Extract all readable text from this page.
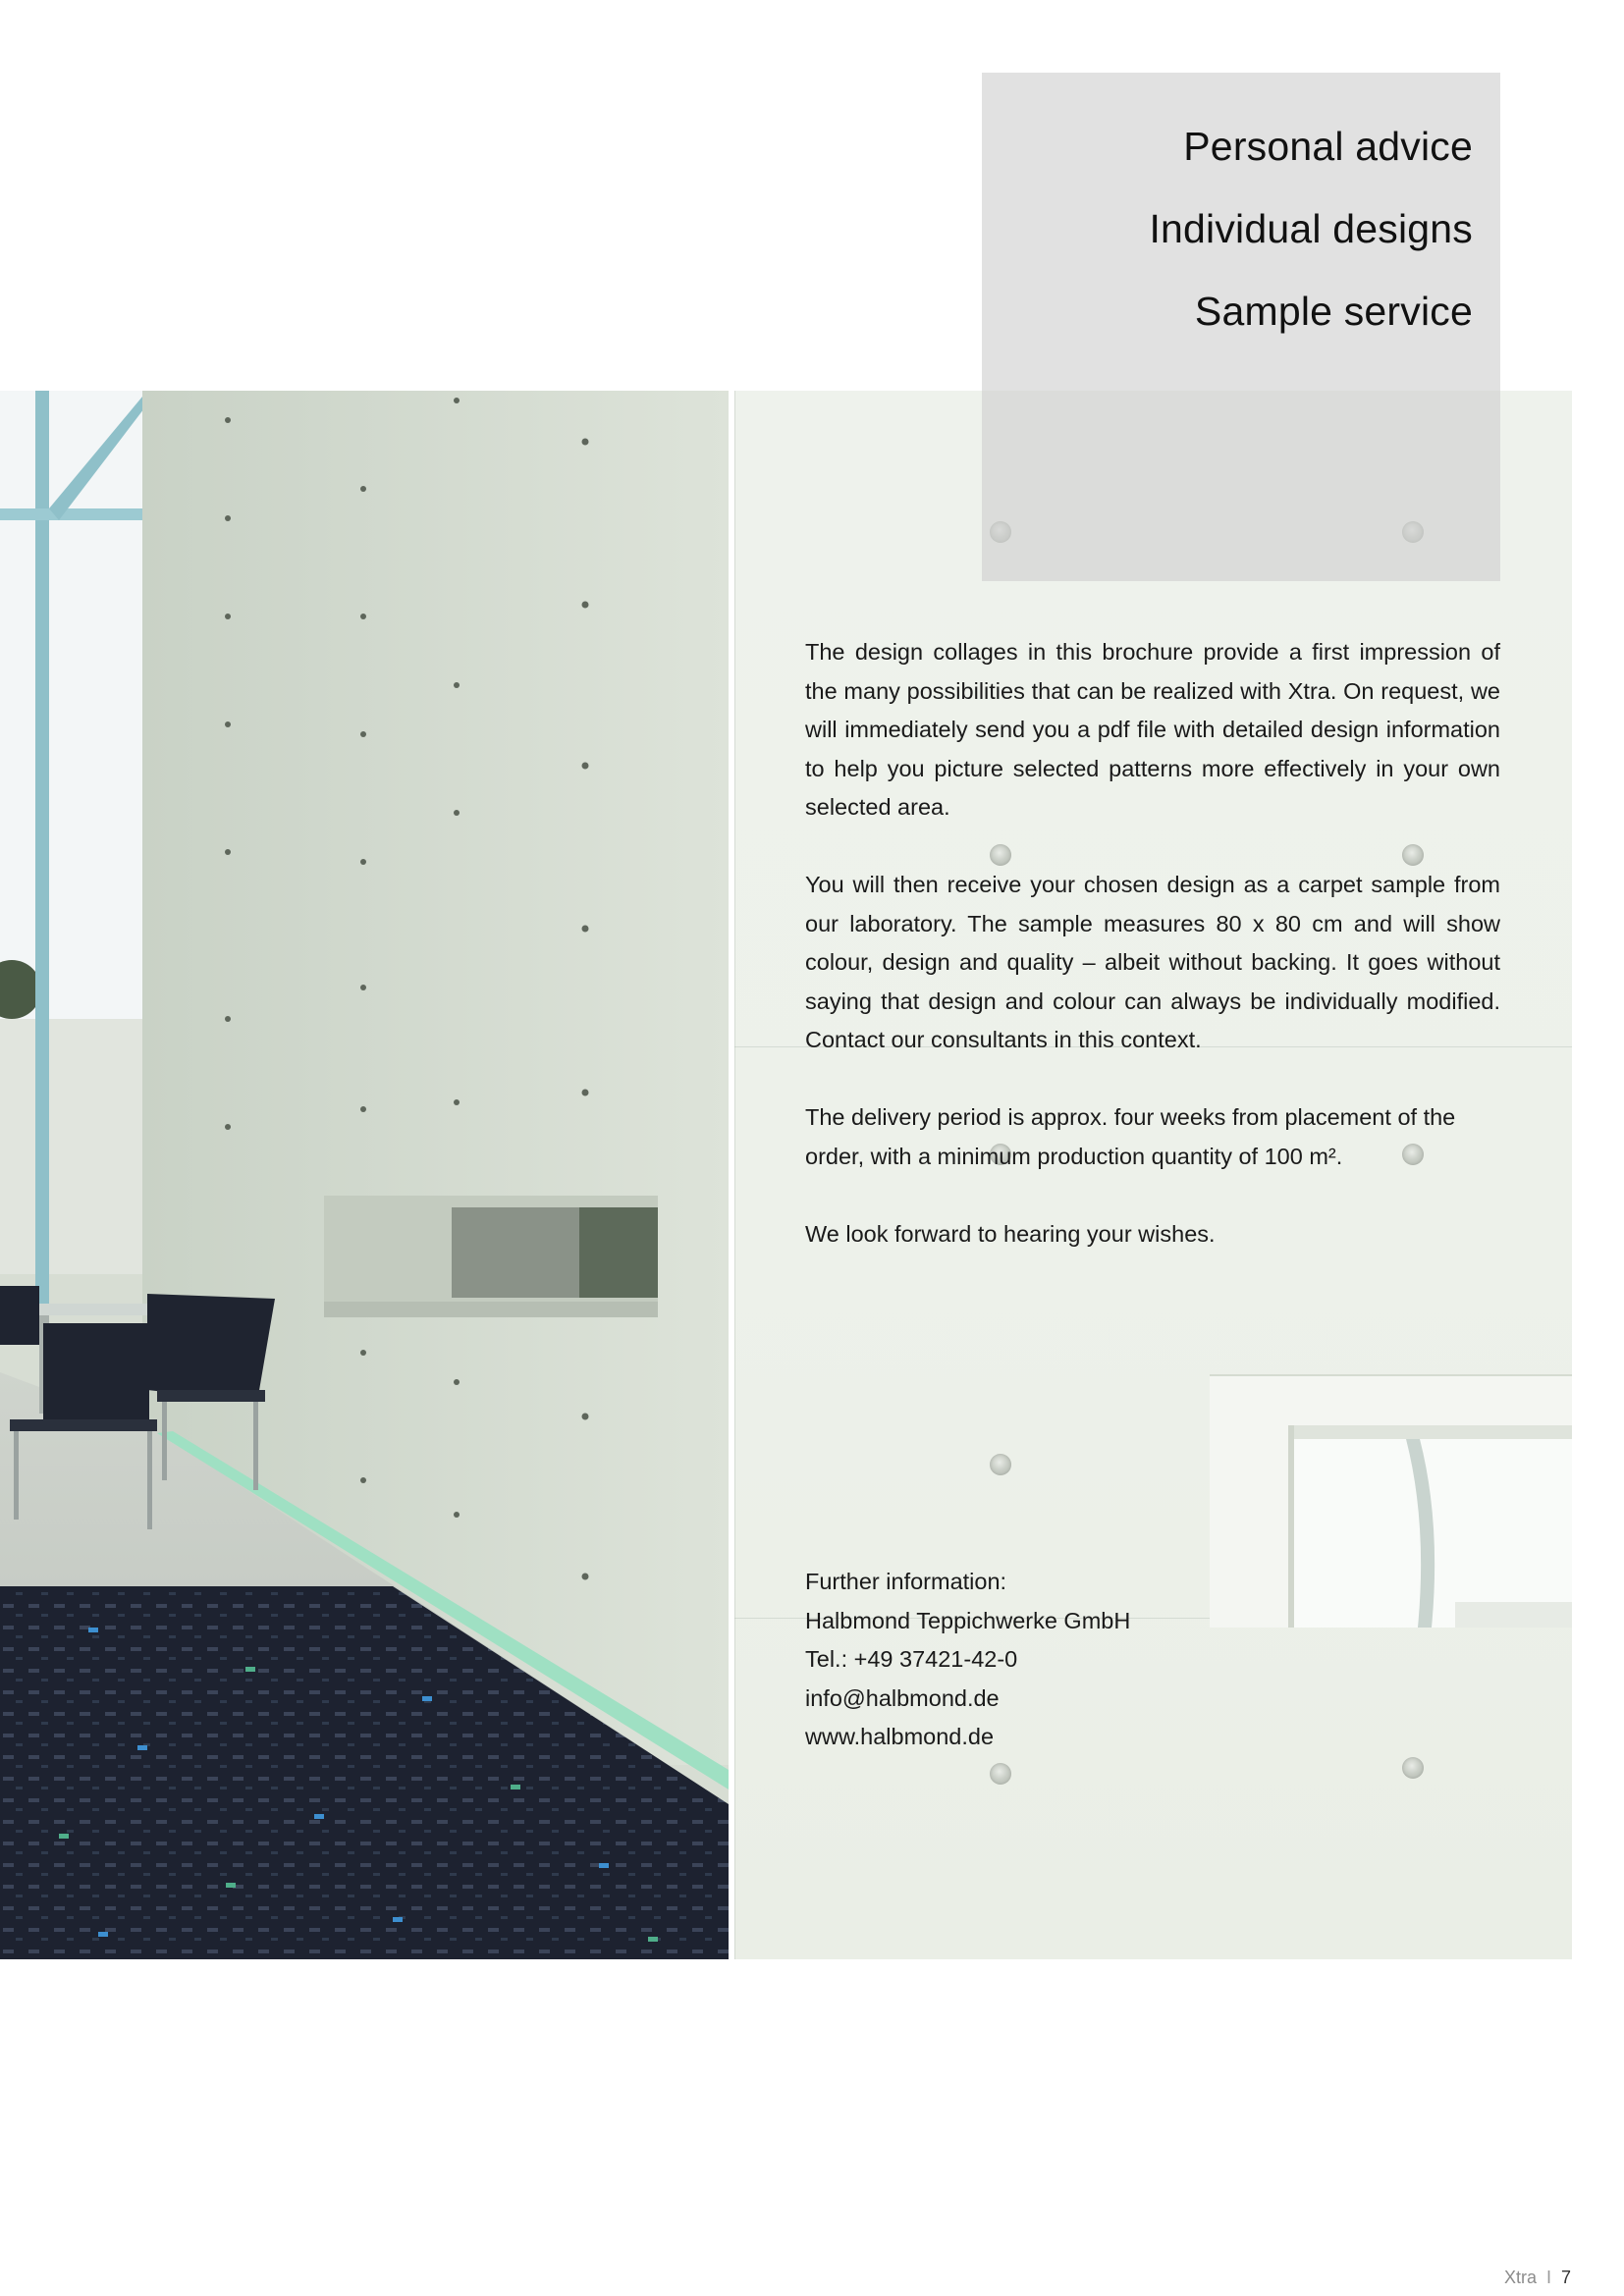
Personal advice
Individual designs
Sample service

The design collages in this brochure provide a first impression of the many possibilities that can be realized with Xtra. On request, we will immediately send you a pdf file with detailed design information to help you picture selected patterns more effectively in your own selected area.

You will then receive your chosen design as a carpet sample from our laboratory. The sample measures 80 x 80 cm and will show colour, design and quality – albeit without backing. It goes without saying that design and colour can always be individually modified. Contact our consultants in this context.

The delivery period is approx. four weeks from placement of the order, with a minimum production quantity of 100 m².

We look forward to hearing your wishes.

Further information:
Halbmond Teppichwerke GmbH
Tel.: +49 37421-42-0
info@halbmond.de
www.halbmond.de
Xtra I 7
